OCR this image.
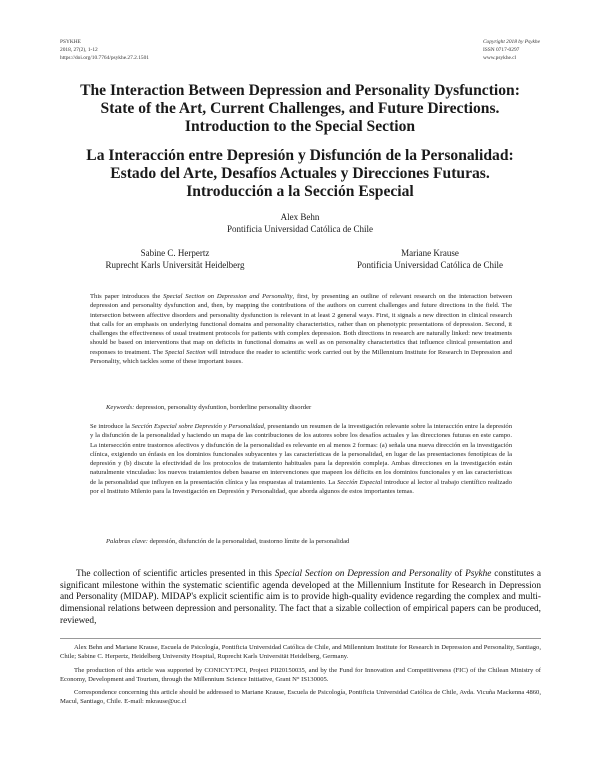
PSYKHE
2018, 27(2), 1-12
https://doi.org/10.7764/psykhe.27.2.1501
Copyright 2018 by Psykhe
ISSN 0717-0297
www.psykhe.cl
The Interaction Between Depression and Personality Dysfunction:
State of the Art, Current Challenges, and Future Directions.
Introduction to the Special Section
La Interacción entre Depresión y Disfunción de la Personalidad:
Estado del Arte, Desafíos Actuales y Direcciones Futuras.
Introducción a la Sección Especial
Alex Behn
Pontificia Universidad Católica de Chile
Sabine C. Herpertz
Ruprecht Karls Universität Heidelberg
Mariane Krause
Pontificia Universidad Católica de Chile
This paper introduces the Special Section on Depression and Personality, first, by presenting an outline of relevant research on the interaction between depression and personality dysfunction and, then, by mapping the contributions of the authors on current challenges and future directions in the field. The intersection between affective disorders and personality dysfunction is relevant in at least 2 general ways. First, it signals a new direction in clinical research that calls for an emphasis on underlying functional domains and personality characteristics, rather than on phenotypic presentations of depression. Second, it challenges the effectiveness of usual treatment protocols for patients with complex depression. Both directions in research are naturally linked: new treatments should be based on interventions that map on deficits in functional domains as well as on personality characteristics that influence clinical presentation and responses to treatment. The Special Section will introduce the reader to scientific work carried out by the Millennium Institute for Research in Depression and Personality, which tackles some of these important issues.
Keywords: depression, personality dysfuntion, borderline personality disorder
Se introduce la Sección Especial sobre Depresión y Personalidad, presentando un resumen de la investigación relevante sobre la interacción entre la depresión y la disfunción de la personalidad y haciendo un mapa de las contribuciones de los autores sobre los desafíos actuales y las direcciones futuras en este campo. La intersección entre trastornos afectivos y disfunción de la personalidad es relevante en al menos 2 formas: (a) señala una nueva dirección en la investigación clínica, exigiendo un énfasis en los dominios funcionales subyacentes y las características de la personalidad, en lugar de las presentaciones fenotípicas de la depresión y (b) discute la efectividad de los protocolos de tratamiento habituales para la depresión compleja. Ambas direcciones en la investigación están naturalmente vinculadas: los nuevos tratamientos deben basarse en intervenciones que mapeen los déficits en los dominios funcionales y en las características de la personalidad que influyen en la presentación clínica y las respuestas al tratamiento. La Sección Especial introduce al lector al trabajo científico realizado por el Instituto Milenio para la Investigación en Depresión y Personalidad, que aborda algunos de estos importantes temas.
Palabras clave: depresión, disfunción de la personalidad, trastorno límite de la personalidad
The collection of scientific articles presented in this Special Section on Depression and Personality of Psykhe constitutes a significant milestone within the systematic scientific agenda developed at the Millennium Institute for Research in Depression and Personality (MIDAP). MIDAP's explicit scientific aim is to provide high-quality evidence regarding the complex and multi-dimensional relations between depression and personality. The fact that a sizable collection of empirical papers can be produced, reviewed,

Alex Behn and Mariane Krause, Escuela de Psicología, Pontificia Universidad Católica de Chile, and Millennium Institute for Research in Depression and Personality, Santiago, Chile; Sabine C. Herpertz, Heidelberg University Hospital, Ruprecht Karls Universität Heidelberg, Germany.

The production of this article was supported by CONICYT/PCI, Project PII20150035, and by the Fund for Innovation and Competitiveness (FIC) of the Chilean Ministry of Economy, Development and Tourism, through the Millennium Science Initiative, Grant N° IS130005.

Correspondence concerning this article should be addressed to Mariane Krause, Escuela de Psicología, Pontificia Universidad Católica de Chile, Avda. Vicuña Mackenna 4860, Macul, Santiago, Chile. E-mail: mkrause@uc.cl
